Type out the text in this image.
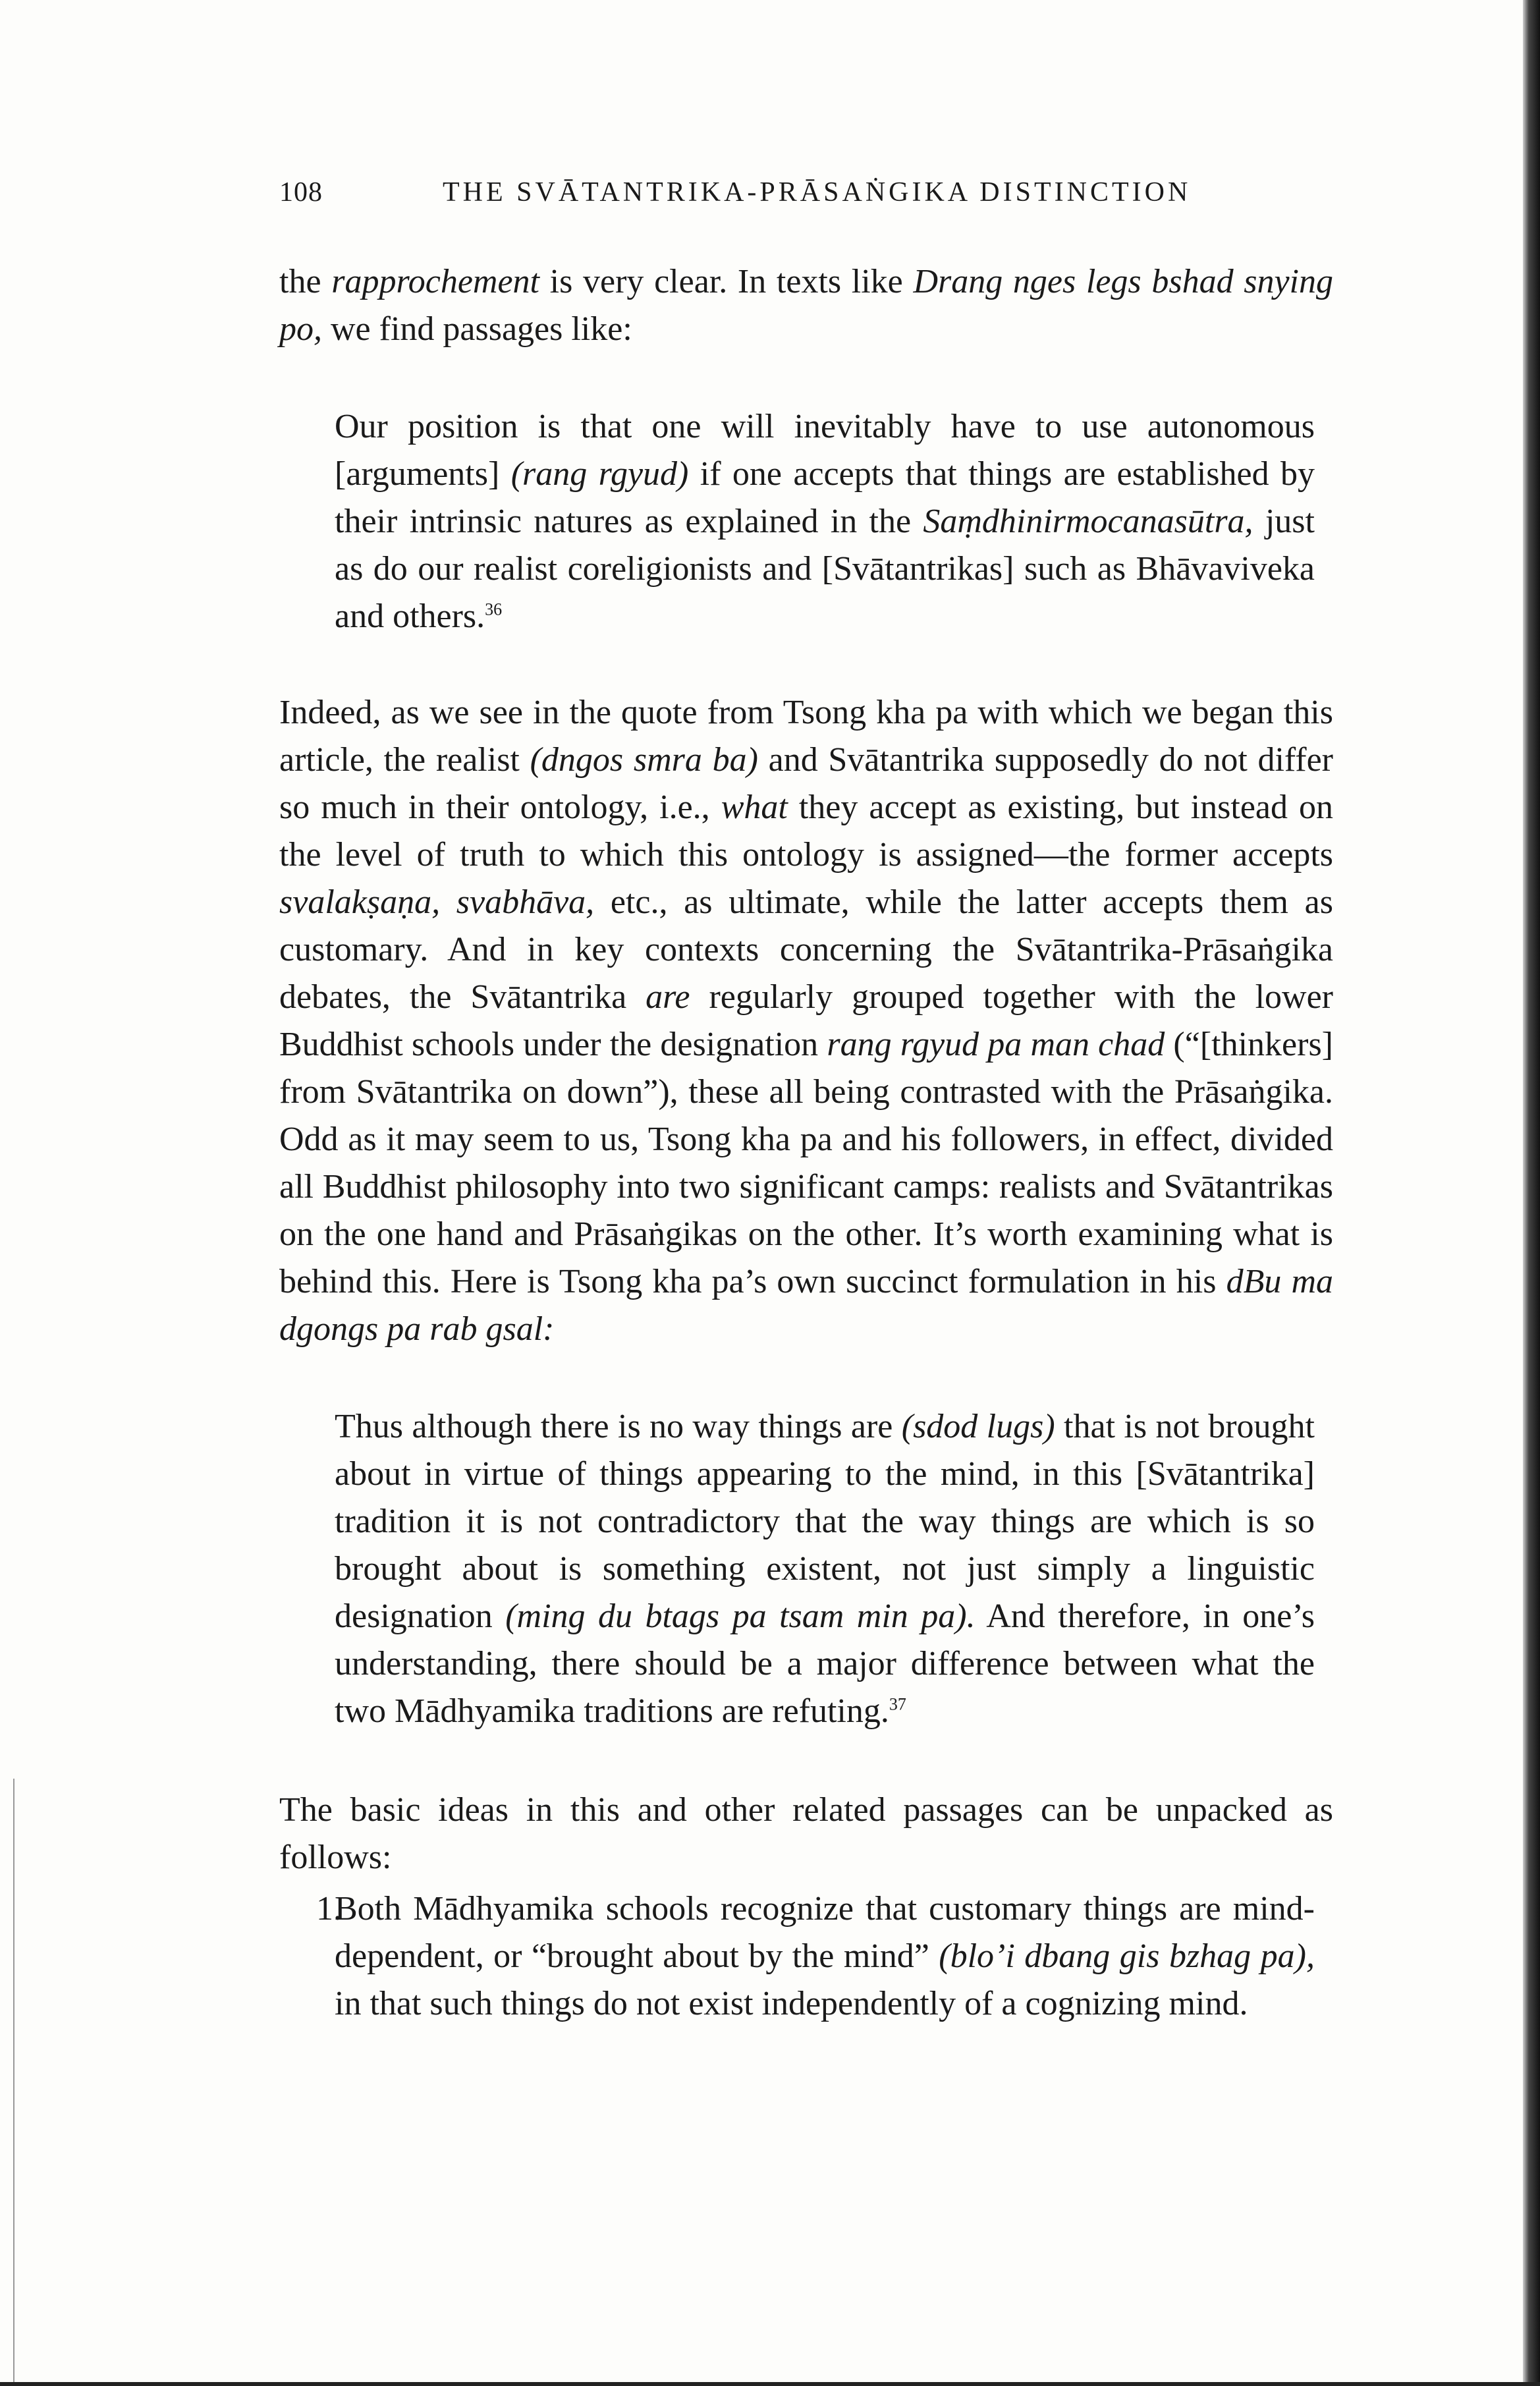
108	THE SVĀTANTRIKA-PRĀSAṄGIKA DISTINCTION

the rapprochement is very clear. In texts like Drang nges legs bshad snying po, we find passages like:

Our position is that one will inevitably have to use autonomous [arguments] (rang rgyud) if one accepts that things are established by their intrinsic natures as explained in the Saṃdhinirmocanasūtra, just as do our realist coreligionists and [Svātantrikas] such as Bhāvaviveka and others.$^{36}$

Indeed, as we see in the quote from Tsong kha pa with which we began this article, the realist (dngos smra ba) and Svātantrika supposedly do not differ so much in their ontology, i.e., what they accept as existing, but instead on the level of truth to which this ontology is assigned—the former accepts svalakṣaṇa, svabhāva, etc., as ultimate, while the latter accepts them as customary. And in key contexts concerning the Svātantrika-Prāsaṅgika debates, the Svātantrika are regularly grouped together with the lower Buddhist schools under the designation rang rgyud pa man chad (“[thinkers] from Svātantrika on down”), these all being contrasted with the Prāsaṅgika. Odd as it may seem to us, Tsong kha pa and his followers, in effect, divided all Buddhist philosophy into two significant camps: realists and Svātantrikas on the one hand and Prāsaṅgikas on the other. It’s worth examining what is behind this. Here is Tsong kha pa’s own succinct formulation in his dBu ma dgongs pa rab gsal:

Thus although there is no way things are (sdod lugs) that is not brought about in virtue of things appearing to the mind, in this [Svātantrika] tradition it is not contradictory that the way things are which is so brought about is something existent, not just simply a linguistic designation (ming du btags pa tsam min pa). And therefore, in one’s understanding, there should be a major difference between what the two Mādhyamika traditions are refuting.$^{37}$

The basic ideas in this and other related passages can be unpacked as follows:

1.

Both Mādhyamika schools recognize that customary things are mind-dependent, or “brought about by the mind” (blo’i dbang gis bzhag pa), in that such things do not exist independently of a cognizing mind.
